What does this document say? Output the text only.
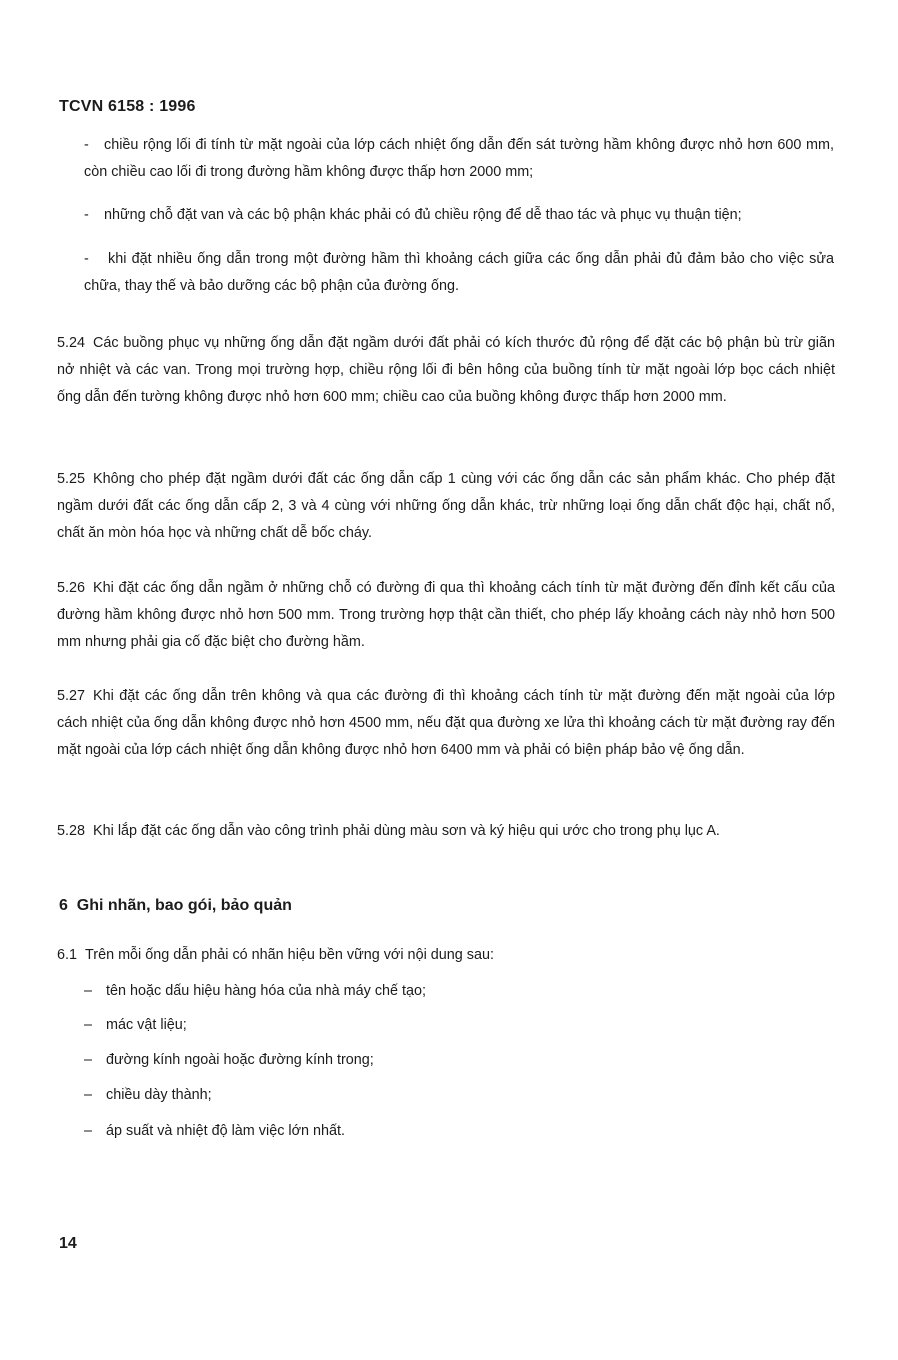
TCVN 6158 : 1996
-	chiều rộng lối đi tính từ mặt ngoài của lớp cách nhiệt ống dẫn đến sát tường hầm không được nhỏ hơn 600 mm, còn chiều cao lối đi trong đường hầm không được thấp hơn 2000 mm;
- những chỗ đặt van và các bộ phận khác phải có đủ chiều rộng để dễ thao tác và phục vụ thuận tiện;
-	khi đặt nhiều ống dẫn trong một đường hầm thì khoảng cách giữa các ống dẫn phải đủ đảm bảo cho việc sửa chữa, thay thế và bảo dưỡng các bộ phận của đường ống.
5.24 Các buồng phục vụ những ống dẫn đặt ngầm dưới đất phải có kích thước đủ rộng để đặt các bộ phận bù trừ giãn nở nhiệt và các van. Trong mọi trường hợp, chiều rộng lối đi bên hông của buồng tính từ mặt ngoài lớp bọc cách nhiệt ống dẫn đến tường không được nhỏ hơn 600 mm; chiều cao của buồng không được thấp hơn 2000 mm.
5.25 Không cho phép đặt ngầm dưới đất các ống dẫn cấp 1 cùng với các ống dẫn các sản phẩm khác. Cho phép đặt ngầm dưới đất các ống dẫn cấp 2, 3 và 4 cùng với những ống dẫn khác, trừ những loại ống dẫn chất độc hại, chất nổ, chất ăn mòn hóa học và những chất dễ bốc cháy.
5.26 Khi đặt các ống dẫn ngầm ở những chỗ có đường đi qua thì khoảng cách tính từ mặt đường đến đỉnh kết cấu của đường hầm không được nhỏ hơn 500 mm. Trong trường hợp thật cần thiết, cho phép lấy khoảng cách này nhỏ hơn 500 mm nhưng phải gia cố đặc biệt cho đường hầm.
5.27 Khi đặt các ống dẫn trên không và qua các đường đi thì khoảng cách tính từ mặt đường đến mặt ngoài của lớp cách nhiệt của ống dẫn không được nhỏ hơn 4500 mm, nếu đặt qua đường xe lửa thì khoảng cách từ mặt đường ray đến mặt ngoài của lớp cách nhiệt ống dẫn không được nhỏ hơn 6400 mm và phải có biện pháp bảo vệ ống dẫn.
5.28 Khi lắp đặt các ống dẫn vào công trình phải dùng màu sơn và ký hiệu qui ước cho trong phụ lục A.
6  Ghi nhãn, bao gói, bảo quản
6.1 Trên mỗi ống dẫn phải có nhãn hiệu bền vững với nội dung sau:
– tên hoặc dấu hiệu hàng hóa của nhà máy chế tạo;
– mác vật liệu;
– đường kính ngoài hoặc đường kính trong;
– chiều dày thành;
– áp suất và nhiệt độ làm việc lớn nhất.
14
